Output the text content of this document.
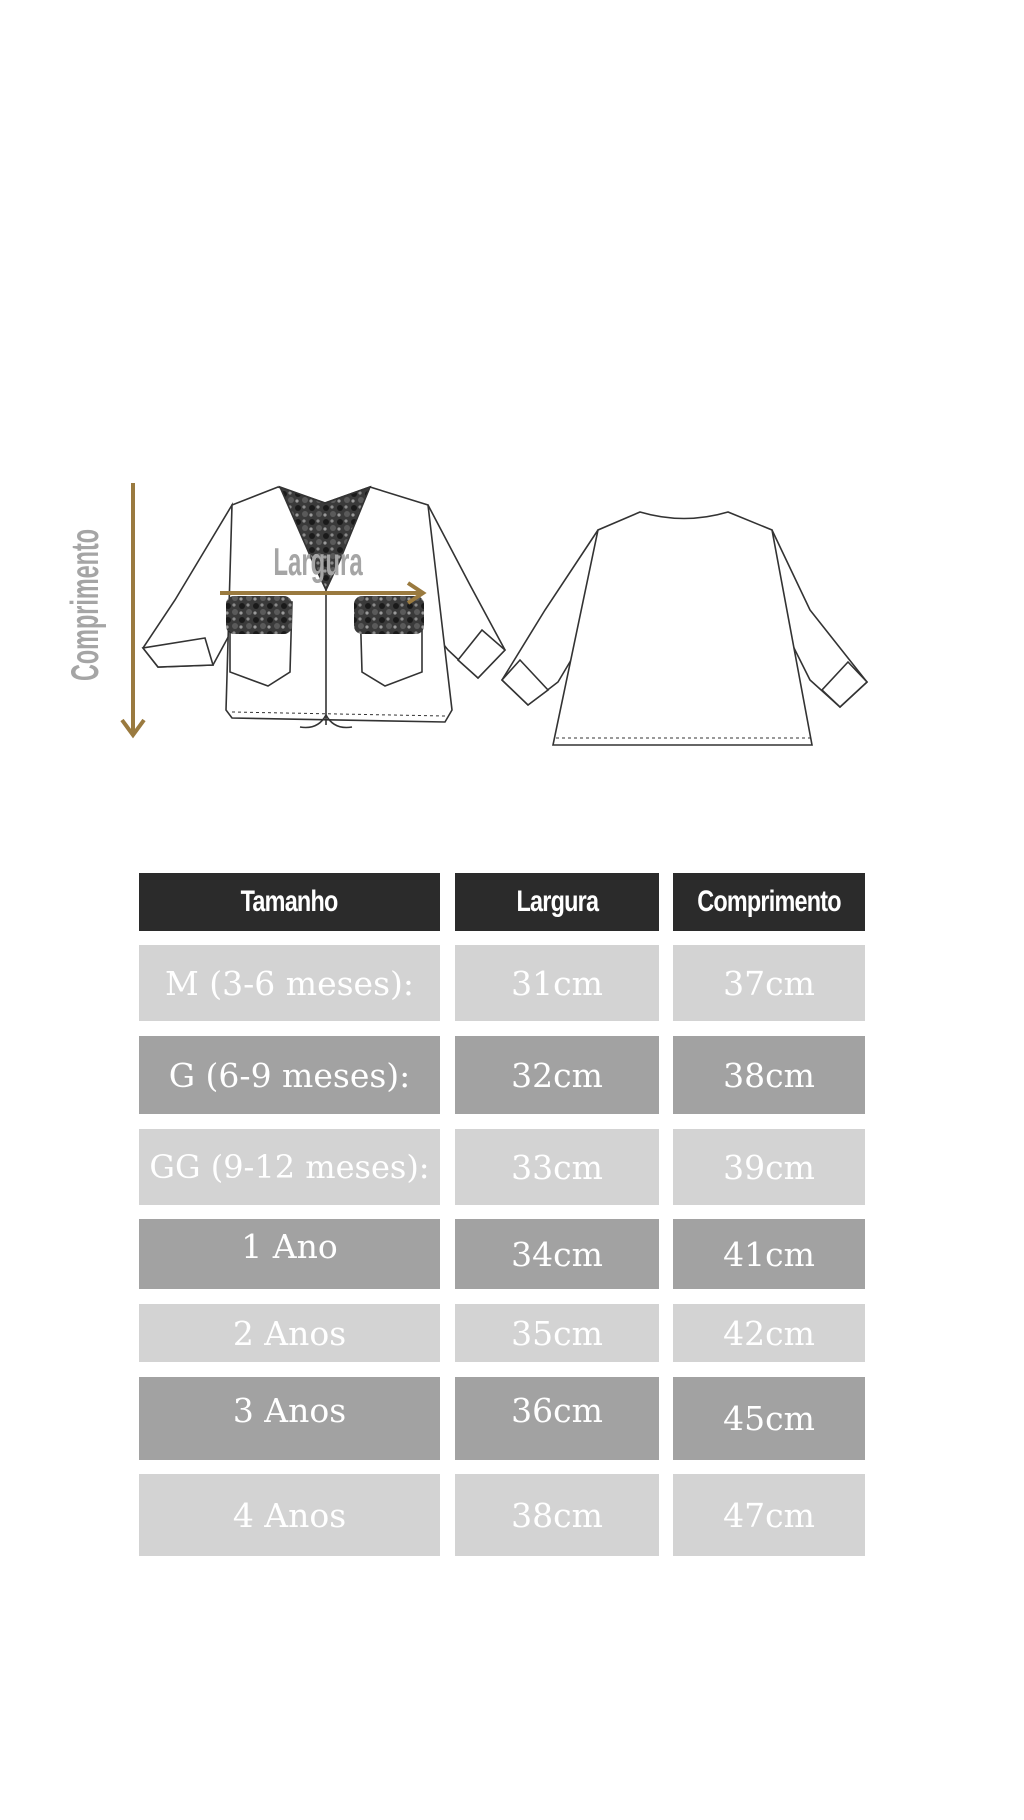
Comprimento	Largura
Tamanho	Largura	Comprimento
M (3-6 meses):	31cm	37cm
G (6-9 meses):	32cm	38cm
GG (9-12 meses):	33cm	39cm
1 Ano	34cm	41cm
2 Anos	35cm	42cm
3 Anos	36cm	45cm
4 Anos	38cm	47cm
